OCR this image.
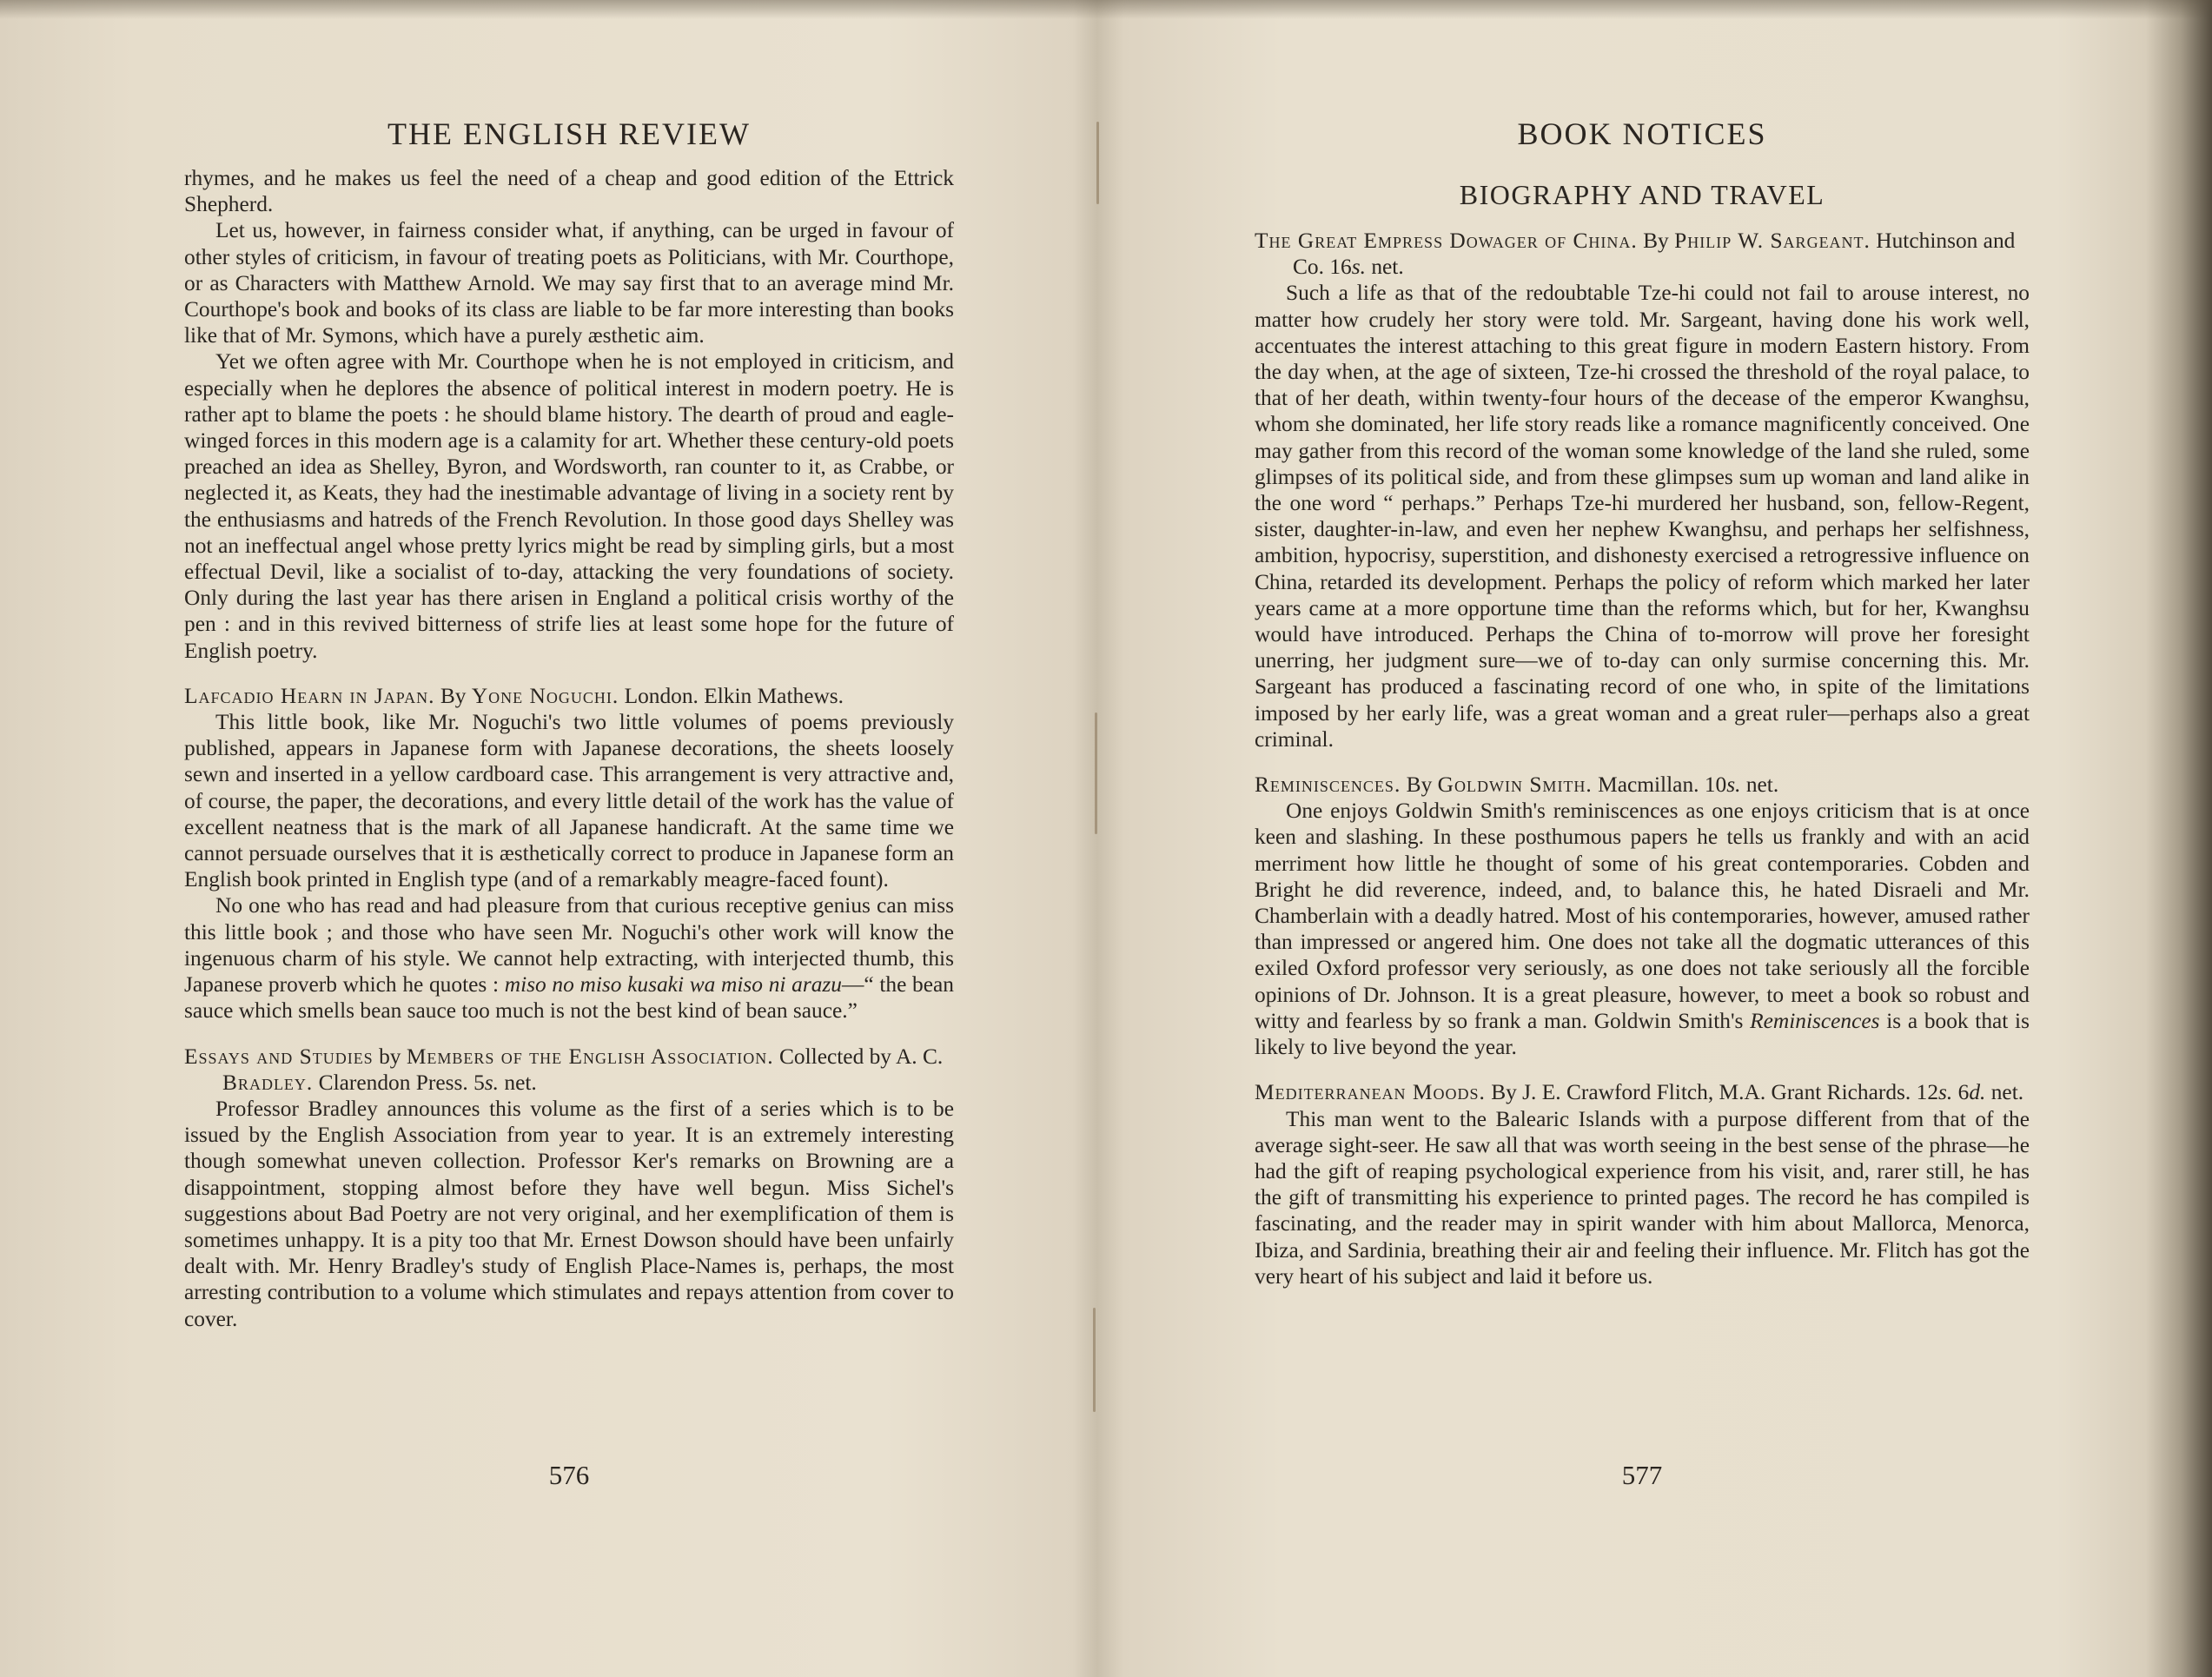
THE ENGLISH REVIEW

rhymes, and he makes us feel the need of a cheap and good edition of the Ettrick Shepherd.

Let us, however, in fairness consider what, if anything, can be urged in favour of other styles of criticism, in favour of treating poets as Politicians, with Mr. Courthope, or as Characters with Matthew Arnold. We may say first that to an average mind Mr. Courthope's book and books of its class are liable to be far more interesting than books like that of Mr. Symons, which have a purely æsthetic aim.

Yet we often agree with Mr. Courthope when he is not employed in criticism, and especially when he deplores the absence of political interest in modern poetry. He is rather apt to blame the poets : he should blame history. The dearth of proud and eagle-winged forces in this modern age is a calamity for art. Whether these century-old poets preached an idea as Shelley, Byron, and Wordsworth, ran counter to it, as Crabbe, or neglected it, as Keats, they had the inestimable advantage of living in a society rent by the enthusiasms and hatreds of the French Revolution. In those good days Shelley was not an ineffectual angel whose pretty lyrics might be read by simpling girls, but a most effectual Devil, like a socialist of to-day, attacking the very foundations of society. Only during the last year has there arisen in England a political crisis worthy of the pen : and in this revived bitterness of strife lies at least some hope for the future of English poetry.

Lafcadio Hearn in Japan. By Yone Noguchi. London. Elkin Mathews.

This little book, like Mr. Noguchi's two little volumes of poems previously published, appears in Japanese form with Japanese decorations, the sheets loosely sewn and inserted in a yellow cardboard case. This arrangement is very attractive and, of course, the paper, the decorations, and every little detail of the work has the value of excellent neatness that is the mark of all Japanese handicraft. At the same time we cannot persuade ourselves that it is æsthetically correct to produce in Japanese form an English book printed in English type (and of a remarkably meagre-faced fount).

No one who has read and had pleasure from that curious receptive genius can miss this little book ; and those who have seen Mr. Noguchi's other work will know the ingenuous charm of his style. We cannot help extracting, with interjected thumb, this Japanese proverb which he quotes : miso no miso kusaki wa miso ni arazu—“ the bean sauce which smells bean sauce too much is not the best kind of bean sauce.”

Essays and Studies by Members of the English Association. Collected by A. C. Bradley. Clarendon Press. 5s. net.

Professor Bradley announces this volume as the first of a series which is to be issued by the English Association from year to year. It is an extremely interesting though somewhat uneven collection. Professor Ker's remarks on Browning are a disappointment, stopping almost before they have well begun. Miss Sichel's suggestions about Bad Poetry are not very original, and her exemplification of them is sometimes unhappy. It is a pity too that Mr. Ernest Dowson should have been unfairly dealt with. Mr. Henry Bradley's study of English Place-Names is, perhaps, the most arresting contribution to a volume which stimulates and repays attention from cover to cover.

576
BOOK NOTICES
BIOGRAPHY AND TRAVEL

The Great Empress Dowager of China. By Philip W. Sargeant. Hutchinson and Co. 16s. net.

Such a life as that of the redoubtable Tze-hi could not fail to arouse interest, no matter how crudely her story were told. Mr. Sargeant, having done his work well, accentuates the interest attaching to this great figure in modern Eastern history. From the day when, at the age of sixteen, Tze-hi crossed the threshold of the royal palace, to that of her death, within twenty-four hours of the decease of the emperor Kwanghsu, whom she dominated, her life story reads like a romance magnificently conceived. One may gather from this record of the woman some knowledge of the land she ruled, some glimpses of its political side, and from these glimpses sum up woman and land alike in the one word “ perhaps.” Perhaps Tze-hi murdered her husband, son, fellow-Regent, sister, daughter-in-law, and even her nephew Kwanghsu, and perhaps her selfishness, ambition, hypocrisy, superstition, and dishonesty exercised a retrogressive influence on China, retarded its development. Perhaps the policy of reform which marked her later years came at a more opportune time than the reforms which, but for her, Kwanghsu would have introduced. Perhaps the China of to-morrow will prove her foresight unerring, her judgment sure—we of to-day can only surmise concerning this. Mr. Sargeant has produced a fascinating record of one who, in spite of the limitations imposed by her early life, was a great woman and a great ruler—perhaps also a great criminal.

Reminiscences. By Goldwin Smith. Macmillan. 10s. net.

One enjoys Goldwin Smith's reminiscences as one enjoys criticism that is at once keen and slashing. In these posthumous papers he tells us frankly and with an acid merriment how little he thought of some of his great contemporaries. Cobden and Bright he did reverence, indeed, and, to balance this, he hated Disraeli and Mr. Chamberlain with a deadly hatred. Most of his contemporaries, however, amused rather than impressed or angered him. One does not take all the dogmatic utterances of this exiled Oxford professor very seriously, as one does not take seriously all the forcible opinions of Dr. Johnson. It is a great pleasure, however, to meet a book so robust and witty and fearless by so frank a man. Goldwin Smith's Reminiscences is a book that is likely to live beyond the year.

Mediterranean Moods. By J. E. Crawford Flitch, M.A. Grant Richards. 12s. 6d. net.

This man went to the Balearic Islands with a purpose different from that of the average sight-seer. He saw all that was worth seeing in the best sense of the phrase—he had the gift of reaping psychological experience from his visit, and, rarer still, he has the gift of transmitting his experience to printed pages. The record he has compiled is fascinating, and the reader may in spirit wander with him about Mallorca, Menorca, Ibiza, and Sardinia, breathing their air and feeling their influence. Mr. Flitch has got the very heart of his subject and laid it before us.

577
